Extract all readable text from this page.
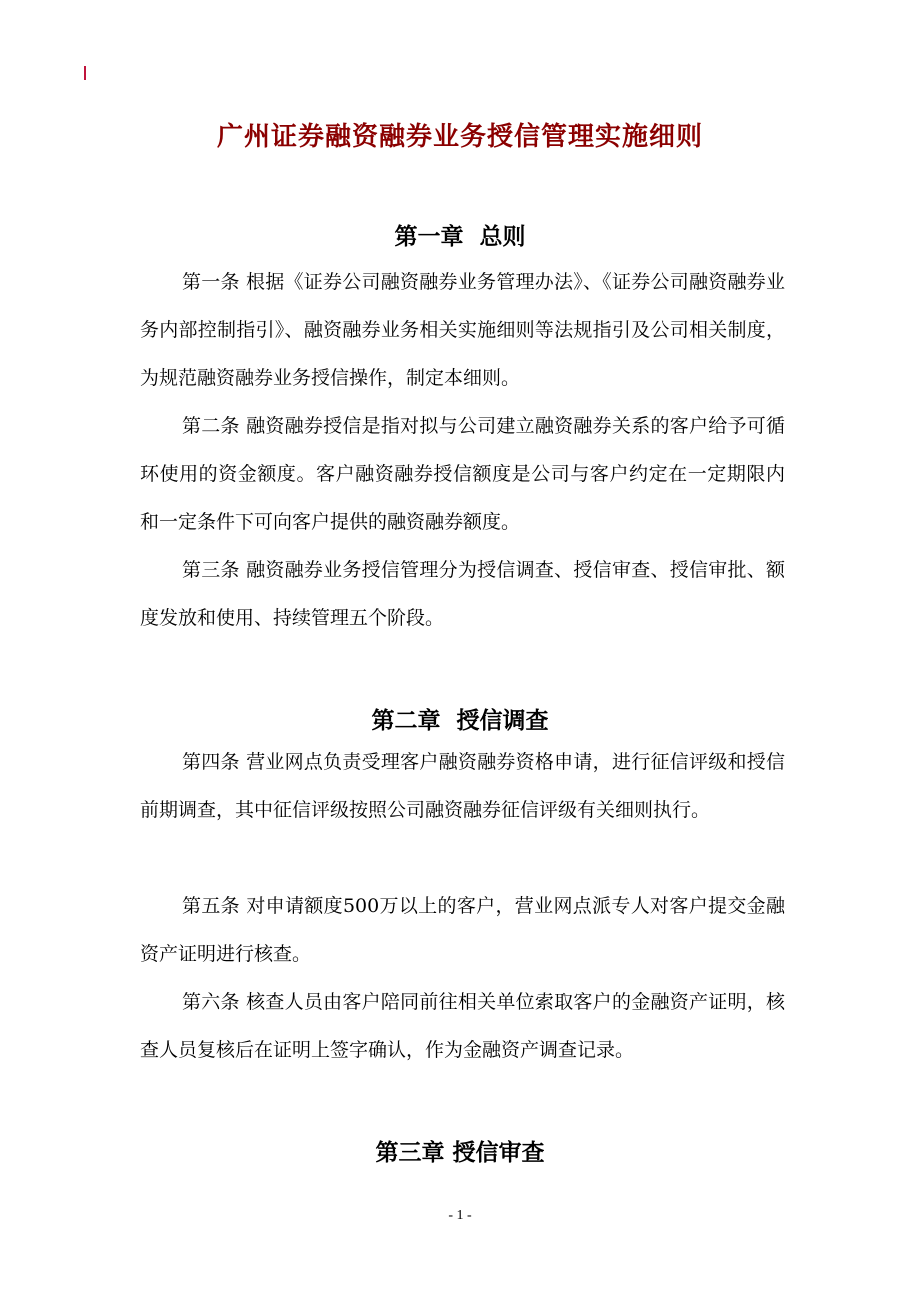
广州证券融资融券业务授信管理实施细则
第一章  总则

第一条 根据《证券公司融资融券业务管理办法》、《证券公司融资融券业务内部控制指引》、融资融券业务相关实施细则等法规指引及公司相关制度，为规范融资融券业务授信操作，制定本细则。

第二条 融资融券授信是指对拟与公司建立融资融券关系的客户给予可循环使用的资金额度。客户融资融券授信额度是公司与客户约定在一定期限内和一定条件下可向客户提供的融资融券额度。

第三条 融资融券业务授信管理分为授信调查、授信审查、授信审批、额度发放和使用、持续管理五个阶段。

第二章  授信调查

第四条 营业网点负责受理客户融资融券资格申请，进行征信评级和授信前期调查，其中征信评级按照公司融资融券征信评级有关细则执行。

第五条 对申请额度500万以上的客户，营业网点派专人对客户提交金融资产证明进行核查。

第六条 核查人员由客户陪同前往相关单位索取客户的金融资产证明，核查人员复核后在证明上签字确认，作为金融资产调查记录。

第三章 授信审查
- 1 -
